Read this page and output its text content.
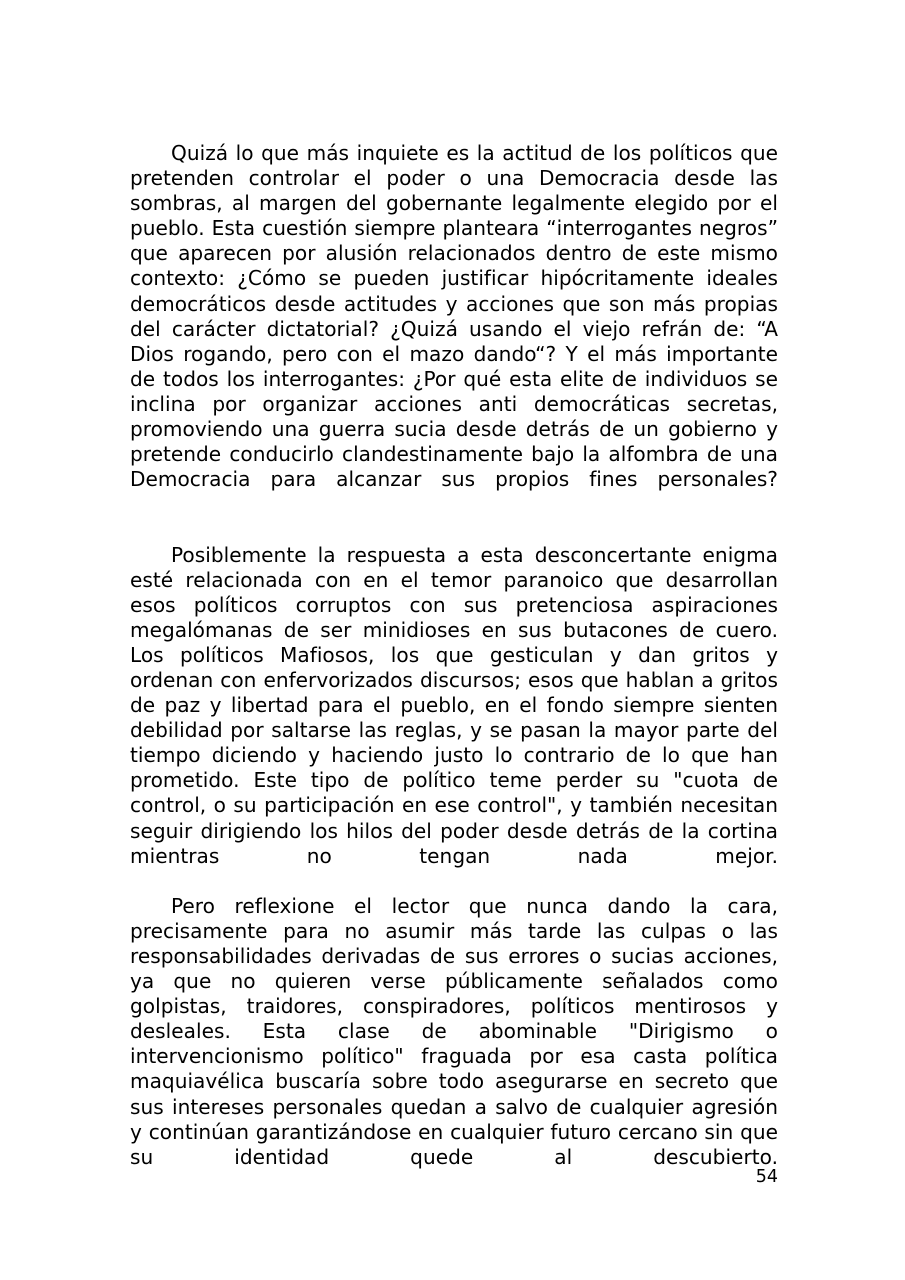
Quizá lo que más inquiete es la actitud de los políticos que pretenden controlar el poder o una Democracia desde las sombras, al margen del gobernante legalmente elegido por el pueblo. Esta cuestión siempre planteara “interrogantes negros” que aparecen por alusión relacionados dentro de este mismo contexto: ¿Cómo se pueden justificar hipócritamente ideales democráticos desde actitudes y acciones que son más propias del carácter dictatorial? ¿Quizá usando el viejo refrán de: “A Dios rogando, pero con el mazo dando“? Y el más importante de todos los interrogantes: ¿Por qué esta elite de individuos se inclina por organizar acciones anti democráticas secretas, promoviendo una guerra sucia desde detrás de un gobierno y pretende conducirlo clandestinamente bajo la alfombra de una Democracia para alcanzar sus propios fines personales?

Posiblemente la respuesta a esta desconcertante enigma esté relacionada con en el temor paranoico que desarrollan esos políticos corruptos con sus pretenciosa aspiraciones megalómanas de ser minidioses en sus butacones de cuero. Los políticos Mafiosos, los que gesticulan y dan gritos y ordenan con enfervorizados discursos; esos que hablan a gritos de paz y libertad para el pueblo, en el fondo siempre sienten debilidad por saltarse las reglas, y se pasan la mayor parte del tiempo diciendo y haciendo justo lo contrario de lo que han prometido. Este tipo de político teme perder su "cuota de control, o su participación en ese control", y también necesitan seguir dirigiendo los hilos del poder desde detrás de la cortina mientras no tengan nada mejor.

Pero reflexione el lector que nunca dando la cara, precisamente para no asumir más tarde las culpas o las responsabilidades derivadas de sus errores o sucias acciones, ya que no quieren verse públicamente señalados como golpistas, traidores, conspiradores, políticos mentirosos y desleales. Esta clase de abominable "Dirigismo o intervencionismo político" fraguada por esa casta política maquiavélica buscaría sobre todo asegurarse en secreto que sus intereses personales quedan a salvo de cualquier agresión y continúan garantizándose en cualquier futuro cercano sin que su identidad quede al descubierto.

54
